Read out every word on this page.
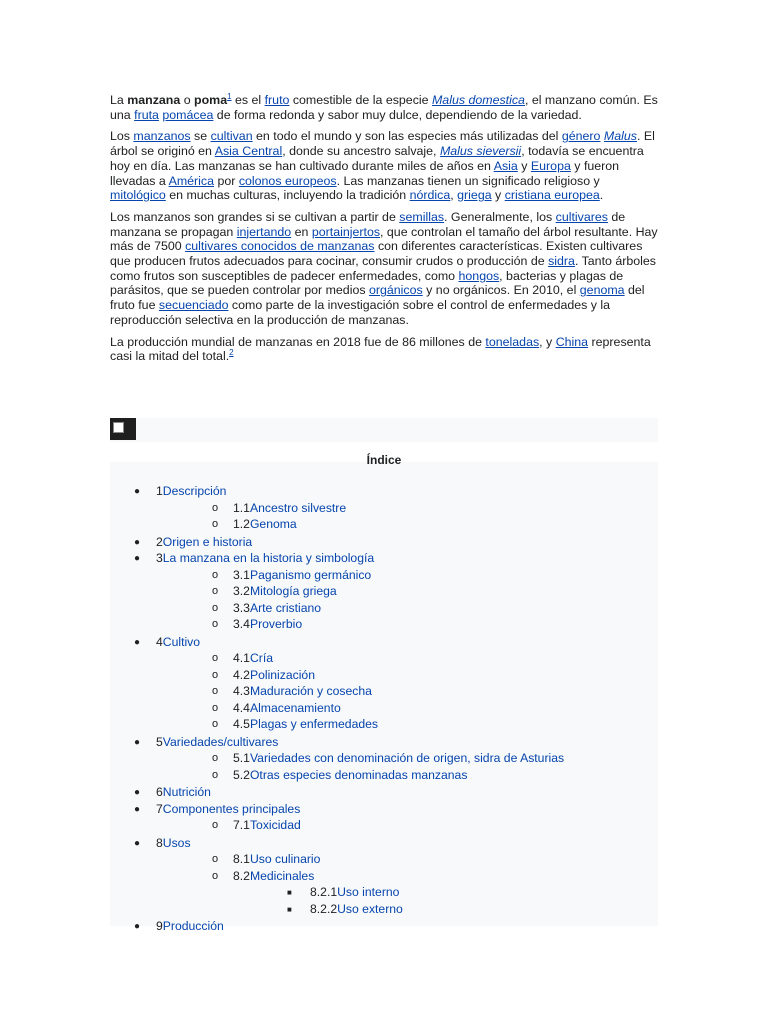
La manzana o poma$^1$ es el fruto comestible de la especie Malus domestica, el manzano común. Es una fruta pomácea de forma redonda y sabor muy dulce, dependiendo de la variedad.

Los manzanos se cultivan en todo el mundo y son las especies más utilizadas del género Malus. El árbol se originó en Asia Central, donde su ancestro salvaje, Malus sieversii, todavía se encuentra hoy en día. Las manzanas se han cultivado durante miles de años en Asia y Europa y fueron llevadas a América por colonos europeos. Las manzanas tienen un significado religioso y mitológico en muchas culturas, incluyendo la tradición nórdica, griega y cristiana europea.

Los manzanos son grandes si se cultivan a partir de semillas. Generalmente, los cultivares de manzana se propagan injertando en portainjertos, que controlan el tamaño del árbol resultante. Hay más de 7500 cultivares conocidos de manzanas con diferentes características. Existen cultivares que producen frutos adecuados para cocinar, consumir crudos o producción de sidra. Tanto árboles como frutos son susceptibles de padecer enfermedades, como hongos, bacterias y plagas de parásitos, que se pueden controlar por medios orgánicos y no orgánicos. En 2010, el genoma del fruto fue secuenciado como parte de la investigación sobre el control de enfermedades y la reproducción selectiva en la producción de manzanas.

La producción mundial de manzanas en 2018 fue de 86 millones de toneladas, y China representa casi la mitad del total.$^2$

Índice
● 1Descripción
o 1.1Ancestro silvestre
o 1.2Genoma
● 2Origen e historia
● 3La manzana en la historia y simbología
o 3.1Paganismo germánico
o 3.2Mitología griega
o 3.3Arte cristiano
o 3.4Proverbio
● 4Cultivo
o 4.1Cría
o 4.2Polinización
o 4.3Maduración y cosecha
o 4.4Almacenamiento
o 4.5Plagas y enfermedades
● 5Variedades/cultivares
o 5.1Variedades con denominación de origen, sidra de Asturias
o 5.2Otras especies denominadas manzanas
● 6Nutrición
● 7Componentes principales
o 7.1Toxicidad
● 8Usos
o 8.1Uso culinario
o 8.2Medicinales
■ 8.2.1Uso interno
■ 8.2.2Uso externo
● 9Producción
